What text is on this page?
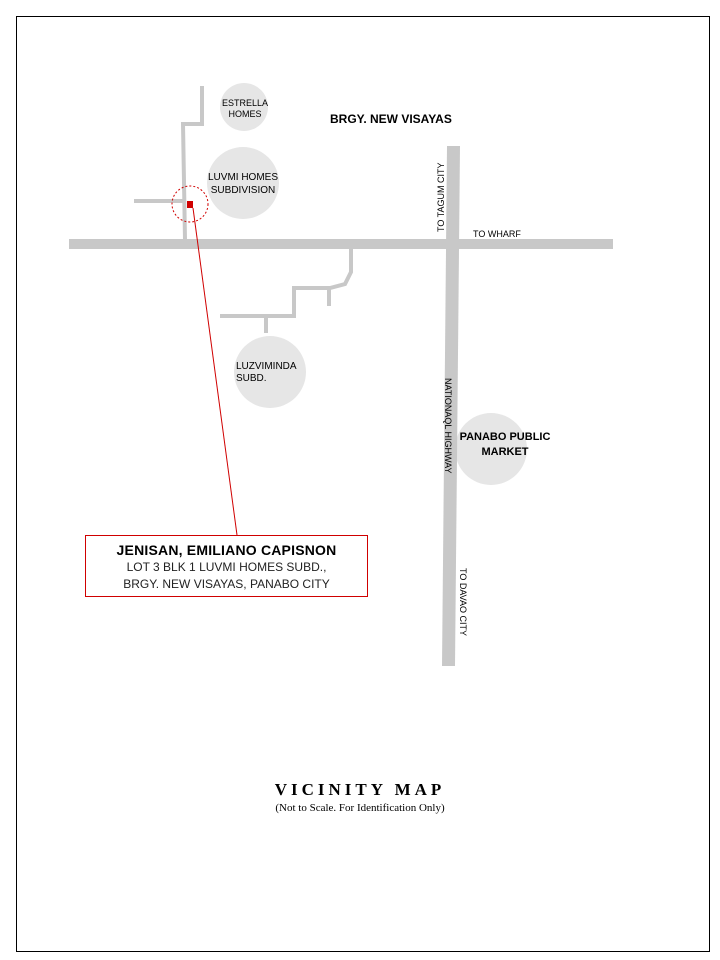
BRGY. NEW VISAYAS
ESTRELLA
HOMES
LUVMI HOMES
SUBDIVISION
LUZVIMINDA
SUBD.
PANABO PUBLIC
MARKET
TO TAGUM CITY
TO WHARF
NATIONAQL HIGHWAY
TO DAVAO CITY
JENISAN, EMILIANO CAPISNON
LOT 3 BLK 1 LUVMI HOMES SUBD.,
BRGY. NEW VISAYAS, PANABO CITY
VICINITY MAP
(Not to Scale. For Identification Only)
